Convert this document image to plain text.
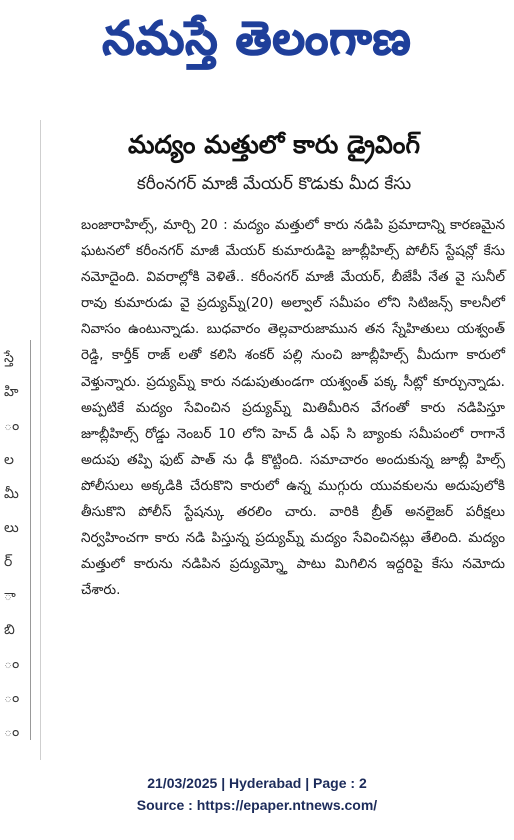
నమస్తే తెలంగాణ
స్తే
హి
ం
ల
మీ
లు
ర్
ా
బి
ం
ం
ం
మద్యం మత్తులో కారు డ్రైవింగ్
కరీంనగర్ మాజీ మేయర్ కొడుకు మీద కేసు
బంజారాహిల్స్, మార్చి 20 : మద్యం మత్తులో కారు నడిపి ప్రమాదాన్ని కారణమైన ఘటనలో కరీంనగర్ మాజీ మేయర్ కుమారుడిపై జూబ్లీహిల్స్ పోలీస్ స్టేషన్లో కేసు నమోదైంది. వివరాల్లోకి వెళితే.. కరీంనగర్ మాజీ మేయర్, బీజేపీ నేత వై సునీల్ రావు కుమారుడు వై ప్రద్యుమ్న్(20) అల్వాల్ సమీపం లోని సిటిజన్స్ కాలనీలో నివాసం ఉంటున్నాడు. బుధవారం తెల్లవారుజామున తన స్నేహితులు యశ్వంత్ రెడ్డి, కార్తీక్ రాజ్ లతో కలిసి శంకర్ పల్లి నుంచి జూబ్లీహిల్స్ మీదుగా కారులో వెళ్తున్నారు. ప్రద్యుమ్న్ కారు నడుపుతుండగా యశ్వంత్ పక్క సీట్లో కూర్చున్నాడు. అప్పటికే మద్యం సేవించిన ప్రద్యుమ్న్ మితిమీరిన వేగంతో కారు నడిపిస్తూ జూబ్లీహిల్స్ రోడ్డు నెంబర్ 10 లోని హెచ్ డీ ఎఫ్ సి బ్యాంకు సమీపంలో రాగానే అదుపు తప్పి ఫుట్ పాత్ ను ఢీ కొట్టింది. సమాచారం అందుకున్న జూబ్లీ హిల్స్ పోలీసులు అక్కడికి చేరుకొని కారులో ఉన్న ముగ్గురు యువకులను అదుపులోకి తీసుకొని పోలీస్ స్టేషన్కు తరలిం చారు. వారికి బ్రీత్ అనలైజర్ పరీక్షలు నిర్వహించగా కారు నడి పిస్తున్న ప్రద్యుమ్న్ మద్యం సేవించినట్లు తేలింది. మద్యం మత్తులో కారును నడిపిన ప్రద్యుమ్న్తో పాటు మిగిలిన ఇద్దరిపై కేసు నమోదు చేశారు.
21/03/2025 | Hyderabad | Page : 2
Source : https://epaper.ntnews.com/
